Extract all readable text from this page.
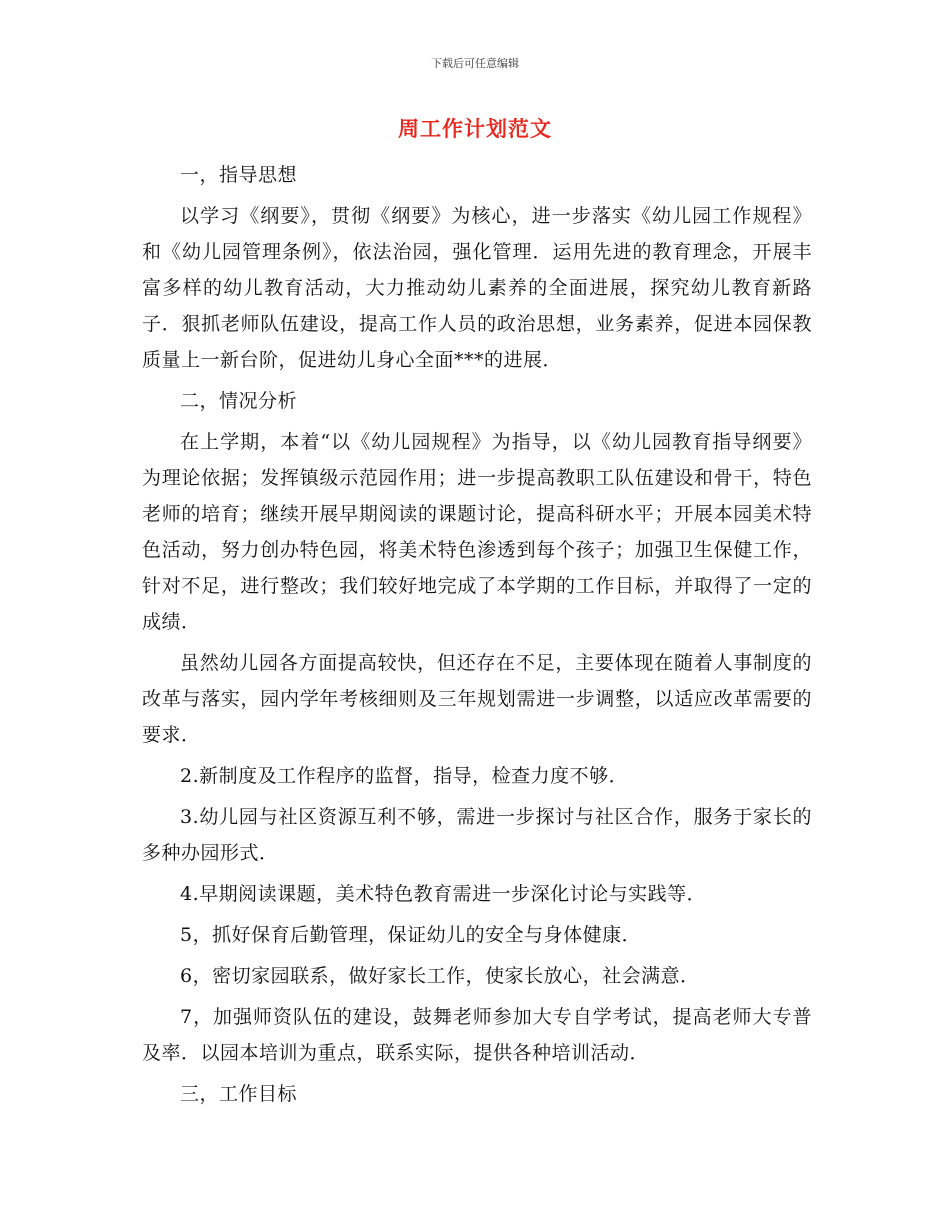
下载后可任意编辑
周工作计划范文

一，指导思想

以学习《纲要》，贯彻《纲要》为核心，进一步落实《幼儿园工作规程》和《幼儿园管理条例》，依法治园，强化管理．运用先进的教育理念，开展丰富多样的幼儿教育活动，大力推动幼儿素养的全面进展，探究幼儿教育新路子．狠抓老师队伍建设，提高工作人员的政治思想，业务素养，促进本园保教质量上一新台阶，促进幼儿身心全面***的进展．

二，情况分析

在上学期，本着“以《幼儿园规程》为指导，以《幼儿园教育指导纲要》为理论依据；发挥镇级示范园作用；进一步提高教职工队伍建设和骨干，特色老师的培育；继续开展早期阅读的课题讨论，提高科研水平；开展本园美术特色活动，努力创办特色园，将美术特色渗透到每个孩子；加强卫生保健工作，针对不足，进行整改；我们较好地完成了本学期的工作目标，并取得了一定的成绩．

虽然幼儿园各方面提高较快，但还存在不足，主要体现在随着人事制度的改革与落实，园内学年考核细则及三年规划需进一步调整，以适应改革需要的要求．

2.新制度及工作程序的监督，指导，检查力度不够．

3.幼儿园与社区资源互利不够，需进一步探讨与社区合作，服务于家长的多种办园形式．

4.早期阅读课题，美术特色教育需进一步深化讨论与实践等．

5，抓好保育后勤管理，保证幼儿的安全与身体健康．

6，密切家园联系，做好家长工作，使家长放心，社会满意．

7，加强师资队伍的建设，鼓舞老师参加大专自学考试，提高老师大专普及率．以园本培训为重点，联系实际，提供各种培训活动．

三，工作目标
